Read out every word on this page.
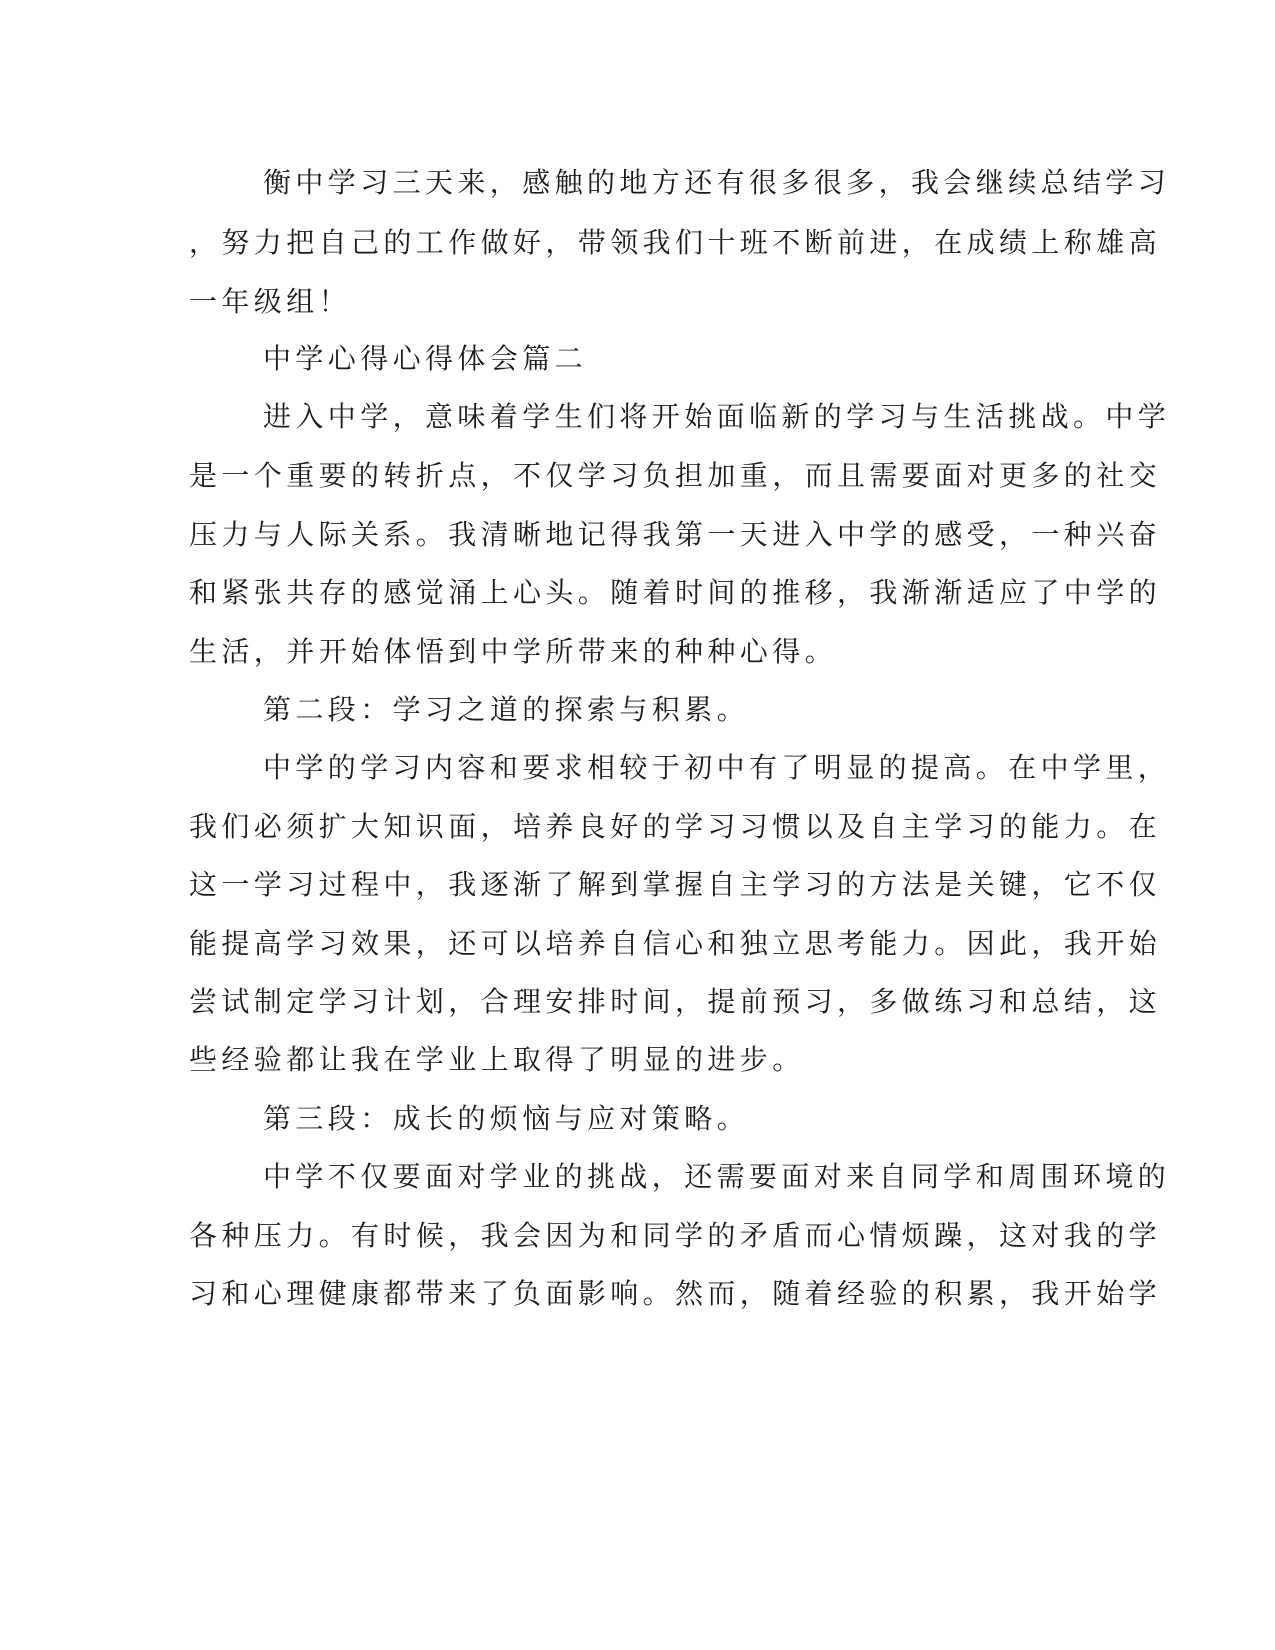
衡中学习三天来，感触的地方还有很多很多，我会继续总结学习

，努力把自己的工作做好，带领我们十班不断前进，在成绩上称雄高

一年级组！

中学心得心得体会篇二

进入中学，意味着学生们将开始面临新的学习与生活挑战。中学

是一个重要的转折点，不仅学习负担加重，而且需要面对更多的社交

压力与人际关系。我清晰地记得我第一天进入中学的感受，一种兴奋

和紧张共存的感觉涌上心头。随着时间的推移，我渐渐适应了中学的

生活，并开始体悟到中学所带来的种种心得。

第二段：学习之道的探索与积累。

中学的学习内容和要求相较于初中有了明显的提高。在中学里，

我们必须扩大知识面，培养良好的学习习惯以及自主学习的能力。在

这一学习过程中，我逐渐了解到掌握自主学习的方法是关键，它不仅

能提高学习效果，还可以培养自信心和独立思考能力。因此，我开始

尝试制定学习计划，合理安排时间，提前预习，多做练习和总结，这

些经验都让我在学业上取得了明显的进步。

第三段：成长的烦恼与应对策略。

中学不仅要面对学业的挑战，还需要面对来自同学和周围环境的

各种压力。有时候，我会因为和同学的矛盾而心情烦躁，这对我的学

习和心理健康都带来了负面影响。然而，随着经验的积累，我开始学
